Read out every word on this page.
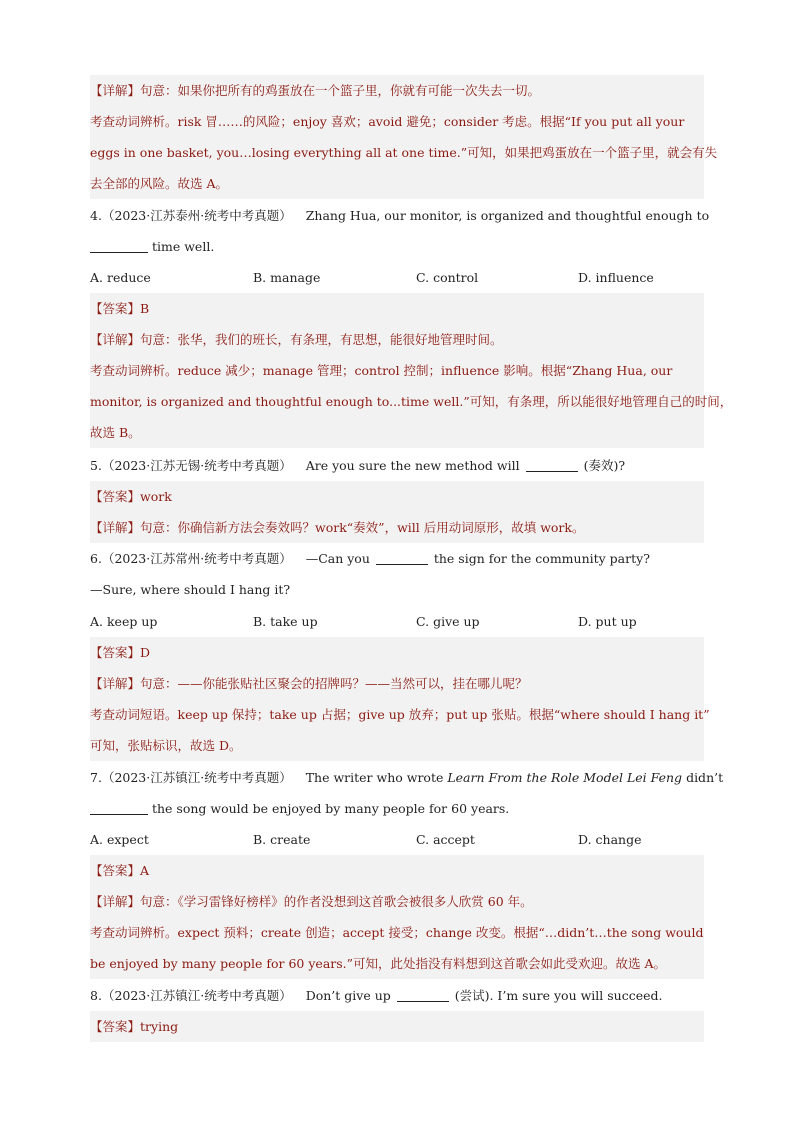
【详解】句意：如果你把所有的鸡蛋放在一个篮子里，你就有可能一次失去一切。
考查动词辨析。risk 冒……的风险；enjoy 喜欢；avoid 避免；consider 考虑。根据“If you put all your
eggs in one basket, you…losing everything all at one time.”可知，如果把鸡蛋放在一个篮子里，就会有失
去全部的风险。故选 A。
4.（2023·江苏泰州·统考中考真题） Zhang Hua, our monitor, is organized and thoughtful enough to
time well.
A. reduce	B. manage	C. control	D. influence
【答案】B
【详解】句意：张华，我们的班长，有条理，有思想，能很好地管理时间。
考查动词辨析。reduce 减少；manage 管理；control 控制；influence 影响。根据“Zhang Hua, our
monitor, is organized and thoughtful enough to...time well.”可知，有条理，所以能很好地管理自己的时间，
故选 B。
5.（2023·江苏无锡·统考中考真题） Are you sure the new method will	(奏效)?
【答案】work
【详解】句意：你确信新方法会奏效吗？work“奏效”，will 后用动词原形，故填 work。
6.（2023·江苏常州·统考中考真题） —Can you	the sign for the community party?
—Sure, where should I hang it?
A. keep up	B. take up	C. give up	D. put up
【答案】D
【详解】句意：——你能张贴社区聚会的招牌吗？——当然可以，挂在哪儿呢？
考查动词短语。keep up 保持；take up 占据；give up 放弃；put up 张贴。根据“where should I hang it”
可知，张贴标识，故选 D。
7.（2023·江苏镇江·统考中考真题） The writer who wrote Learn From the Role Model Lei Feng didn’t
the song would be enjoyed by many people for 60 years.
A. expect	B. create	C. accept	D. change
【答案】A
【详解】句意：《学习雷锋好榜样》的作者没想到这首歌会被很多人欣赏 60 年。
考查动词辨析。expect 预料；create 创造；accept 接受；change 改变。根据“…didn’t…the song would
be enjoyed by many people for 60 years.”可知，此处指没有料想到这首歌会如此受欢迎。故选 A。
8.（2023·江苏镇江·统考中考真题） Don’t give up	(尝试). I’m sure you will succeed.
【答案】trying
